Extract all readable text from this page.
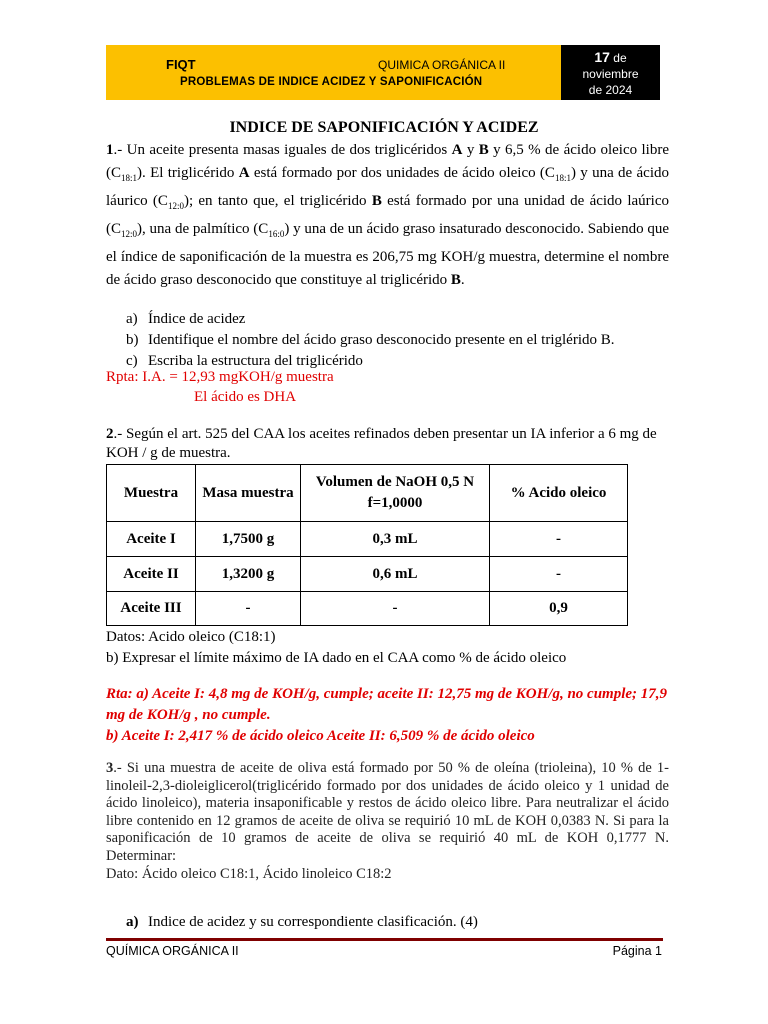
FIQT	QUIMICA ORGÁNICA II
PROBLEMAS DE INDICE ACIDEZ Y SAPONIFICACIÓN
17 de
noviembre
de 2024
INDICE DE SAPONIFICACIÓN Y ACIDEZ
1.- Un aceite presenta masas iguales de dos triglicéridos A y B y 6,5 % de ácido oleico libre $(C_{18:1})$. El triglicérido A está formado por dos unidades de ácido oleico $(C_{18:1})$ y una de ácido láurico $(C_{12:0})$; en tanto que, el triglicérido B está formado por una unidad de ácido laúrico $(C_{12:0})$, una de palmítico $(C_{16:0})$ y una de un ácido graso insaturado desconocido. Sabiendo que el índice de saponificación de la muestra es 206,75 mg KOH/g muestra, determine el nombre de ácido graso desconocido que constituye al triglicérido B.
a) Índice de acidez
b) Identifique el nombre del ácido graso desconocido presente en el triglérido B.
c) Escriba la estructura del triglicérido
Rpta: I.A. = 12,93 mgKOH/g muestra
El ácido es DHA
2.- Según el art. 525 del CAA los aceites refinados deben presentar un IA inferior a 6 mg de KOH / g de muestra.
Muestra	Masa muestra	Volumen de NaOH 0,5 N f=1,0000	% Acido oleico
Aceite I	1,7500 g	0,3 mL	-
Aceite II	1,3200 g	0,6 mL	-
Aceite III	-	-	0,9
Datos: Acido oleico (C18:1)
b) Expresar el límite máximo de IA dado en el CAA como % de ácido oleico
Rta: a) Aceite I: 4,8 mg de KOH/g, cumple; aceite II: 12,75 mg de KOH/g, no cumple; 17,9 mg de KOH/g , no cumple.
b) Aceite I: 2,417 % de ácido oleico Aceite II: 6,509 % de ácido oleico
3.- Si una muestra de aceite de oliva está formado por 50 % de oleína (trioleina), 10 % de 1-linoleil-2,3-dioleiglicerol(triglicérido formado por dos unidades de ácido oleico y 1 unidad de ácido linoleico), materia insaponificable y restos de ácido oleico libre. Para neutralizar el ácido libre contenido en 12 gramos de aceite de oliva se requirió 10 mL de KOH 0,0383 N. Si para la saponificación de 10 gramos de aceite de oliva se requirió 40 mL de KOH 0,1777 N. Determinar:
Dato: Ácido oleico C18:1, Ácido linoleico C18:2
a) Indice de acidez y su correspondiente clasificación. (4)
QUÍMICA ORGÁNICA II	Página 1
